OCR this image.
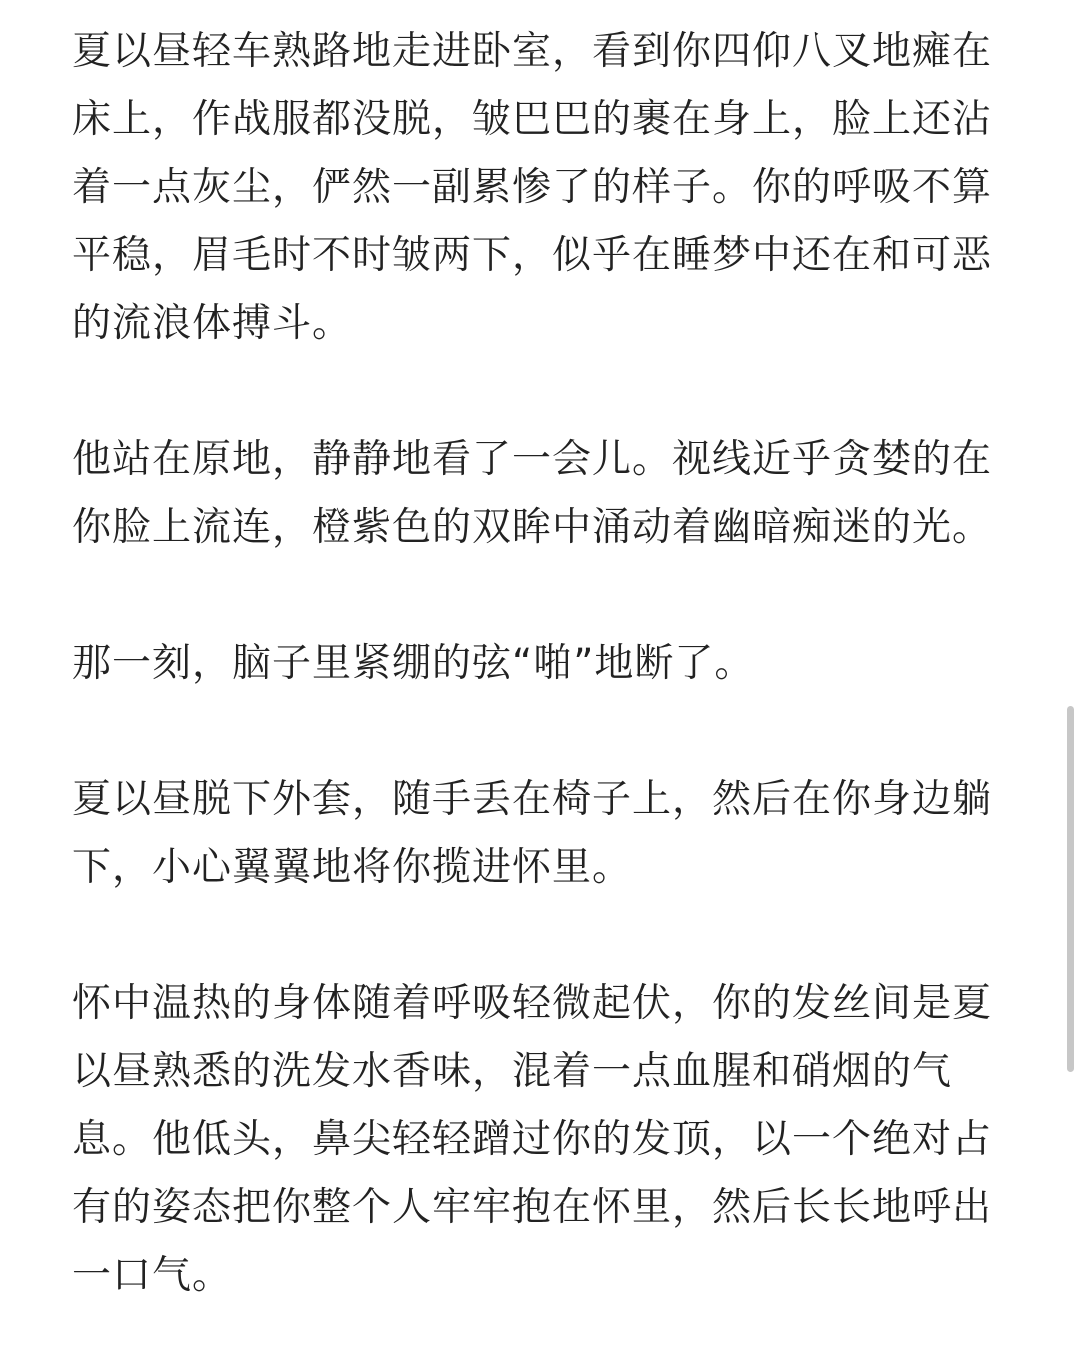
夏以昼轻车熟路地走进卧室，看到你四仰八叉地瘫在床上，作战服都没脱，皱巴巴的裹在身上，脸上还沾着一点灰尘，俨然一副累惨了的样子。你的呼吸不算平稳，眉毛时不时皱两下，似乎在睡梦中还在和可恶的流浪体搏斗。

他站在原地，静静地看了一会儿。视线近乎贪婪的在你脸上流连，橙紫色的双眸中涌动着幽暗痴迷的光。

那一刻，脑子里紧绷的弦“啪”地断了。

夏以昼脱下外套，随手丢在椅子上，然后在你身边躺下，小心翼翼地将你揽进怀里。

怀中温热的身体随着呼吸轻微起伏，你的发丝间是夏以昼熟悉的洗发水香味，混着一点血腥和硝烟的气息。他低头，鼻尖轻轻蹭过你的发顶，以一个绝对占有的姿态把你整个人牢牢抱在怀里，然后长长地呼出一口气。
